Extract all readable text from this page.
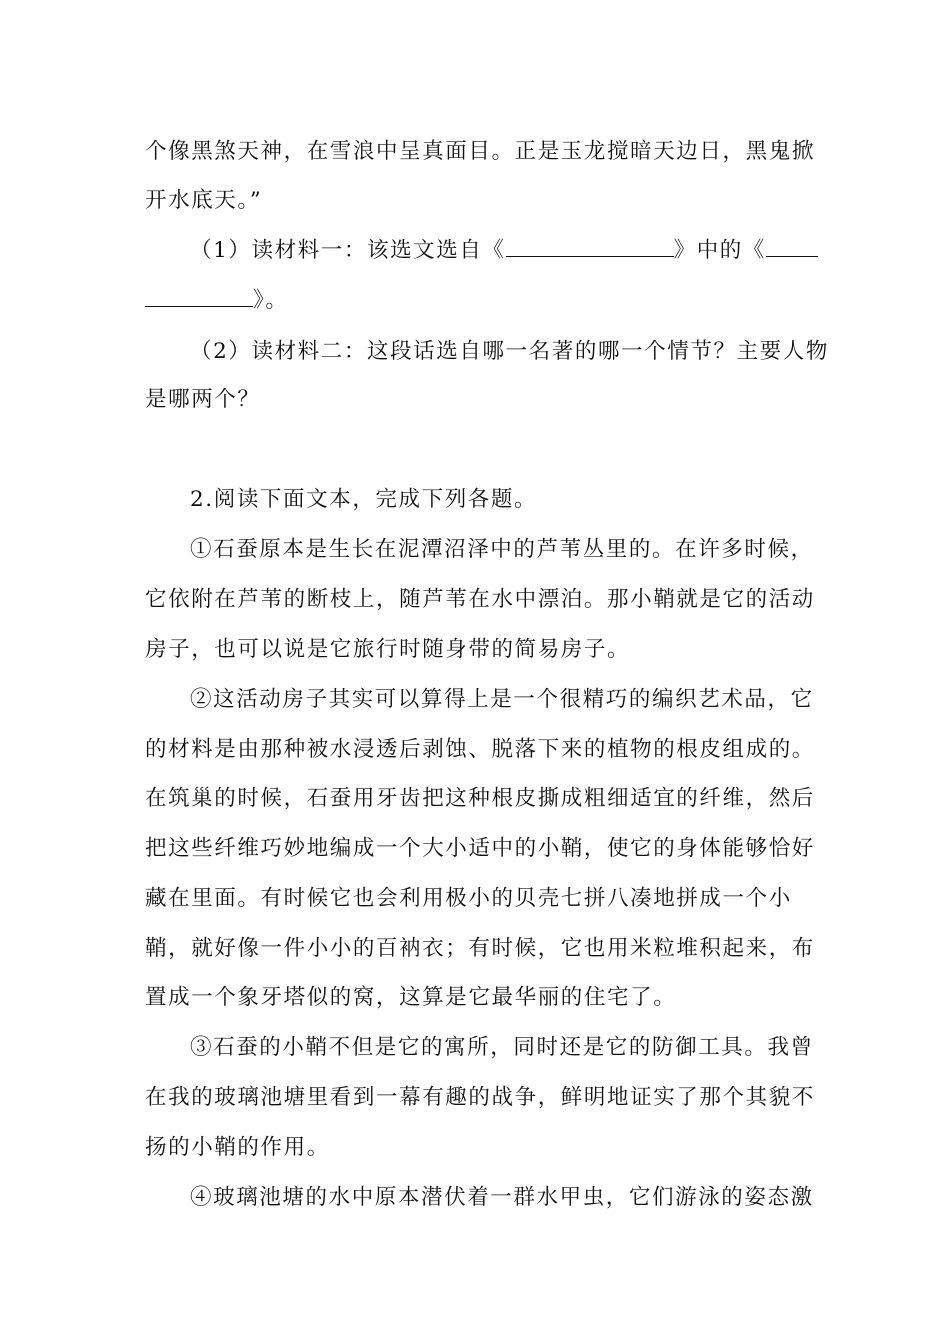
个像黑煞天神，在雪浪中呈真面目。正是玉龙搅暗天边日，黑鬼掀
开水底天。”
（1）读材料一：该选文选自《	》中的《
》。
（2）读材料二：这段话选自哪一名著的哪一个情节？主要人物
是哪两个？
2.阅读下面文本，完成下列各题。
①石蚕原本是生长在泥潭沼泽中的芦苇丛里的。在许多时候，
它依附在芦苇的断枝上，随芦苇在水中漂泊。那小鞘就是它的活动
房子，也可以说是它旅行时随身带的简易房子。
②这活动房子其实可以算得上是一个很精巧的编织艺术品，它
的材料是由那种被水浸透后剥蚀、脱落下来的植物的根皮组成的。
在筑巢的时候，石蚕用牙齿把这种根皮撕成粗细适宜的纤维，然后
把这些纤维巧妙地编成一个大小适中的小鞘，使它的身体能够恰好
藏在里面。有时候它也会利用极小的贝壳七拼八凑地拼成一个小
鞘，就好像一件小小的百衲衣；有时候，它也用米粒堆积起来，布
置成一个象牙塔似的窝，这算是它最华丽的住宅了。
③石蚕的小鞘不但是它的寓所，同时还是它的防御工具。我曾
在我的玻璃池塘里看到一幕有趣的战争，鲜明地证实了那个其貌不
扬的小鞘的作用。
④玻璃池塘的水中原本潜伏着一群水甲虫，它们游泳的姿态激
